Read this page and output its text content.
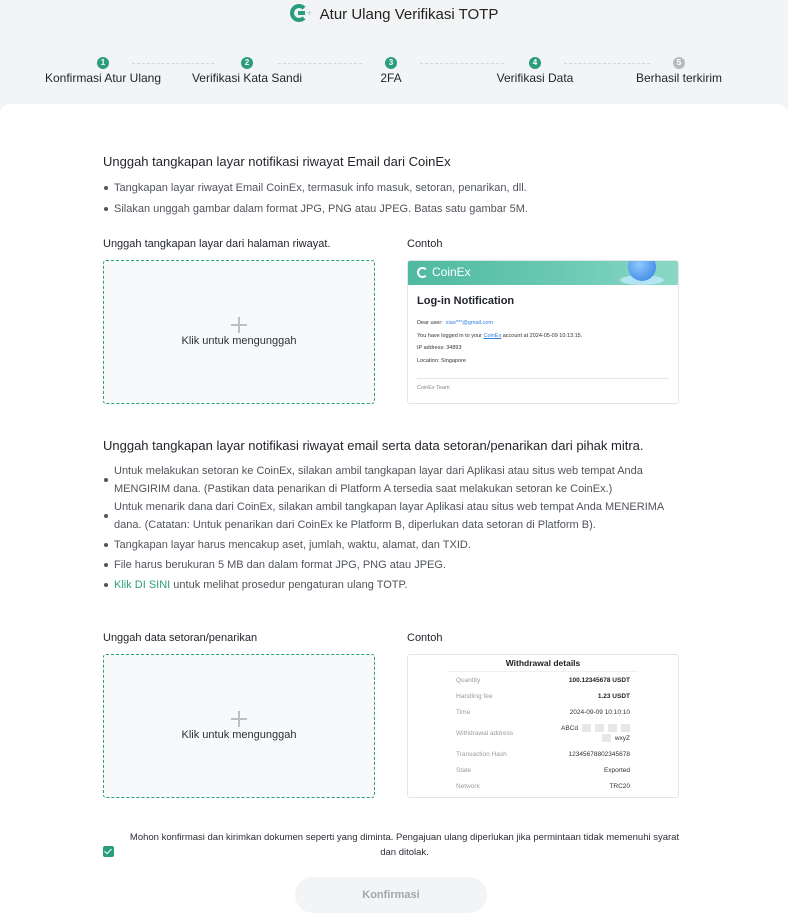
+ Atur Ulang Verifikasi TOTP
1
Konfirmasi Atur Ulang
2
Verifikasi Kata Sandi
3
2FA
4
Verifikasi Data
5
Berhasil terkirim
Unggah tangkapan layar notifikasi riwayat Email dari CoinEx
Tangkapan layar riwayat Email CoinEx, termasuk info masuk, setoran, penarikan, dll.
Silakan unggah gambar dalam format JPG, PNG atau JPEG. Batas satu gambar 5M.
Unggah tangkapan layar dari halaman riwayat.	Contoh
Klik untuk mengunggah
CoinEx
Log-in Notification
Dear user: xiao***@gmail.com
You have logged in to your CoinEx account at 2024-05-09 10:13:15.
IP address: 34893
Location: Singapore
CoinEx Team
Unggah tangkapan layar notifikasi riwayat email serta data setoran/penarikan dari pihak mitra.
Untuk melakukan setoran ke CoinEx, silakan ambil tangkapan layar dari Aplikasi atau situs web tempat Anda MENGIRIM dana. (Pastikan data penarikan di Platform A tersedia saat melakukan setoran ke CoinEx.)
Untuk menarik dana dari CoinEx, silakan ambil tangkapan layar Aplikasi atau situs web tempat Anda MENERIMA dana. (Catatan: Untuk penarikan dari CoinEx ke Platform B, diperlukan data setoran di Platform B).
Tangkapan layar harus mencakup aset, jumlah, waktu, alamat, dan TXID.
File harus berukuran 5 MB dan dalam format JPG, PNG atau JPEG.
Klik DI SINI untuk melihat prosedur pengaturan ulang TOTP.
Unggah data setoran/penarikan	Contoh
Klik untuk mengunggah
Withdrawal details
Quantity	100.12345678 USDT
Handling fee	1.23 USDT
Time	2024-09-09 10:10:10
Withdrawal address
ABCd
wxyZ
Transaction Hash	12345678802345678
State	Exported
Network	TRC20
Mohon konfirmasi dan kirimkan dokumen seperti yang diminta. Pengajuan ulang diperlukan jika permintaan tidak memenuhi syarat dan ditolak.
Konfirmasi
